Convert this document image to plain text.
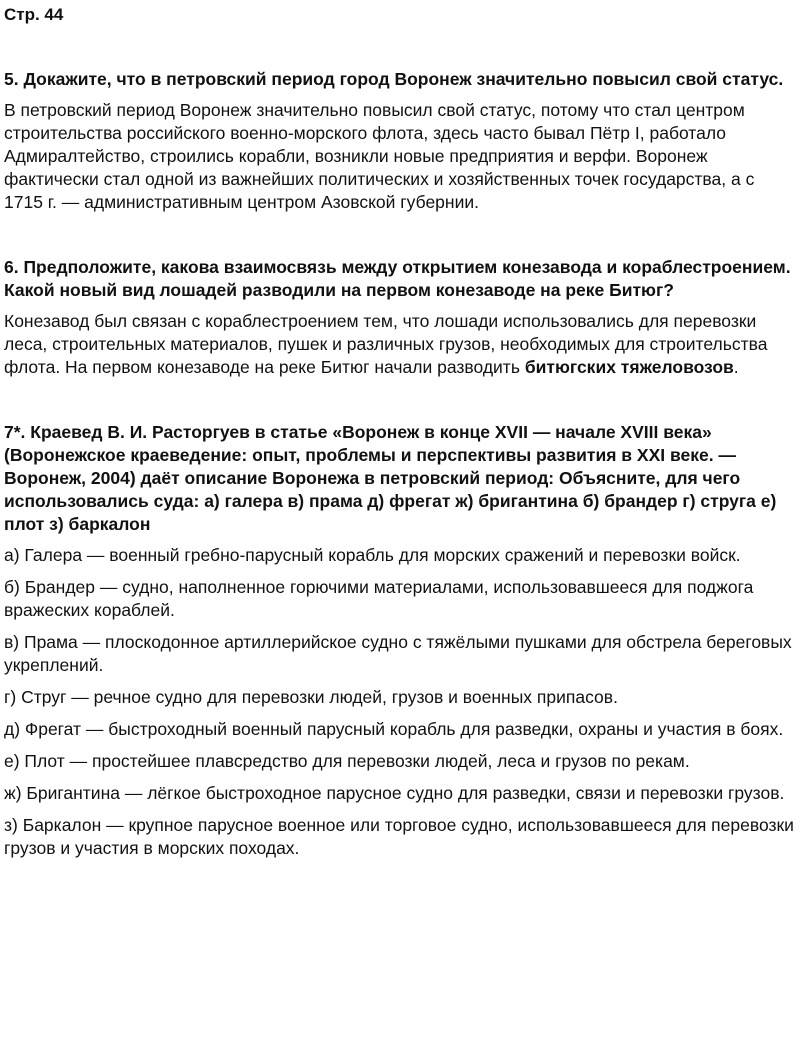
Стр. 44

5. Докажите, что в петровский период город Воронеж значительно повысил свой статус.

В петровский период Воронеж значительно повысил свой статус, потому что стал центром строительства российского военно-морского флота, здесь часто бывал Пётр I, работало Адмиралтейство, строились корабли, возникли новые предприятия и верфи. Воронеж фактически стал одной из важнейших политических и хозяйственных точек государства, а с 1715 г. — административным центром Азовской губернии.

6. Предположите, какова взаимосвязь между открытием конезавода и кораблестроением. Какой новый вид лошадей разводили на первом конезаводе на реке Битюг?

Конезавод был связан с кораблестроением тем, что лошади использовались для перевозки леса, строительных материалов, пушек и различных грузов, необходимых для строительства флота. На первом конезаводе на реке Битюг начали разводить битюгских тяжеловозов.

7*. Краевед В. И. Расторгуев в статье «Воронеж в конце XVII — начале XVIII века» (Воронежское краеведение: опыт, проблемы и перспективы развития в XXI веке. — Воронеж, 2004) даёт описание Воронежа в петровский период: Объясните, для чего использовались суда: а) галера в) прама д) фрегат ж) бригантина б) брандер г) струга е) плот з) баркалон

а) Галера — военный гребно-парусный корабль для морских сражений и перевозки войск.

б) Брандер — судно, наполненное горючими материалами, использовавшееся для поджога вражеских кораблей.

в) Прама — плоскодонное артиллерийское судно с тяжёлыми пушками для обстрела береговых укреплений.

г) Струг — речное судно для перевозки людей, грузов и военных припасов.

д) Фрегат — быстроходный военный парусный корабль для разведки, охраны и участия в боях.

е) Плот — простейшее плавсредство для перевозки людей, леса и грузов по рекам.

ж) Бригантина — лёгкое быстроходное парусное судно для разведки, связи и перевозки грузов.

з) Баркалон — крупное парусное военное или торговое судно, использовавшееся для перевозки грузов и участия в морских походах.
